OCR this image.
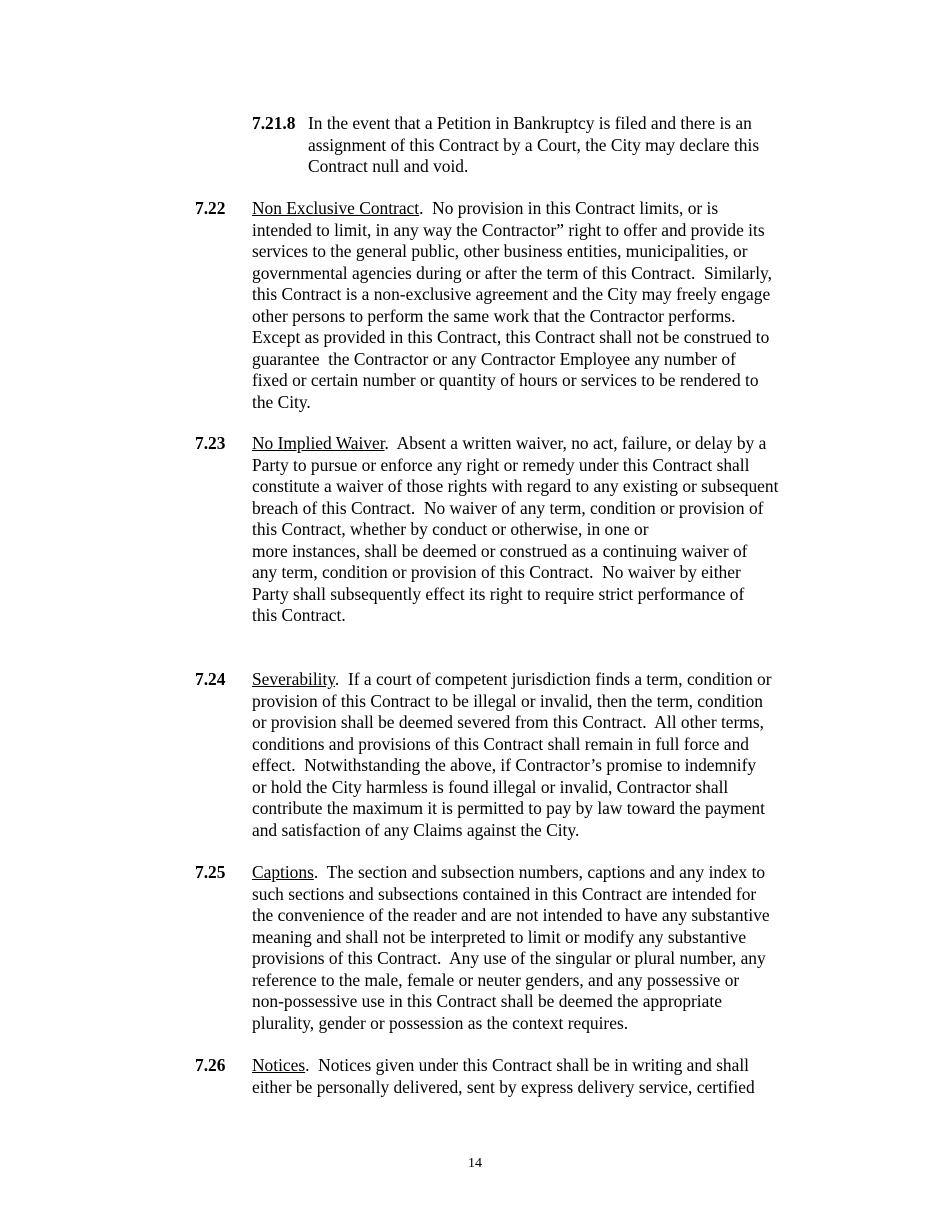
7.21.8 In the event that a Petition in Bankruptcy is filed and there is an
assignment of this Contract by a Court, the City may declare this
Contract null and void.
7.22 Non Exclusive Contract.  No provision in this Contract limits, or is
intended to limit, in any way the Contractor” right to offer and provide its
services to the general public, other business entities, municipalities, or
governmental agencies during or after the term of this Contract.  Similarly,
this Contract is a non-exclusive agreement and the City may freely engage
other persons to perform the same work that the Contractor performs.
Except as provided in this Contract, this Contract shall not be construed to
guarantee  the Contractor or any Contractor Employee any number of
fixed or certain number or quantity of hours or services to be rendered to
the City.
7.23 No Implied Waiver.  Absent a written waiver, no act, failure, or delay by a
Party to pursue or enforce any right or remedy under this Contract shall
constitute a waiver of those rights with regard to any existing or subsequent
breach of this Contract.  No waiver of any term, condition or provision of
this Contract, whether by conduct or otherwise, in one or
more instances, shall be deemed or construed as a continuing waiver of
any term, condition or provision of this Contract.  No waiver by either
Party shall subsequently effect its right to require strict performance of
this Contract.
7.24 Severability.  If a court of competent jurisdiction finds a term, condition or
provision of this Contract to be illegal or invalid, then the term, condition
or provision shall be deemed severed from this Contract.  All other terms,
conditions and provisions of this Contract shall remain in full force and
effect.  Notwithstanding the above, if Contractor’s promise to indemnify
or hold the City harmless is found illegal or invalid, Contractor shall
contribute the maximum it is permitted to pay by law toward the payment
and satisfaction of any Claims against the City.
7.25 Captions.  The section and subsection numbers, captions and any index to
such sections and subsections contained in this Contract are intended for
the convenience of the reader and are not intended to have any substantive
meaning and shall not be interpreted to limit or modify any substantive
provisions of this Contract.  Any use of the singular or plural number, any
reference to the male, female or neuter genders, and any possessive or
non-possessive use in this Contract shall be deemed the appropriate
plurality, gender or possession as the context requires.
7.26 Notices.  Notices given under this Contract shall be in writing and shall
either be personally delivered, sent by express delivery service, certified
14
